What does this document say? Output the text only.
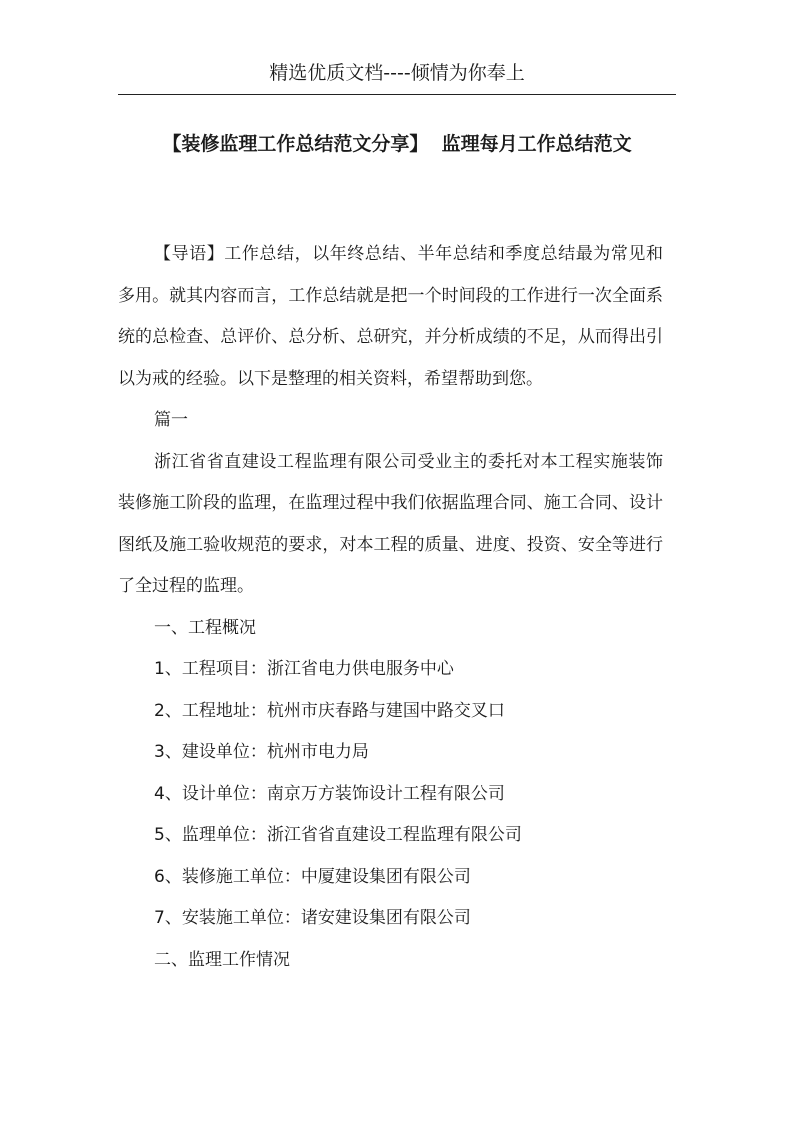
精选优质文档----倾情为你奉上
【装修监理工作总结范文分享】  监理每月工作总结范文

【导语】工作总结，以年终总结、半年总结和季度总结最为常见和多用。就其内容而言，工作总结就是把一个时间段的工作进行一次全面系统的总检查、总评价、总分析、总研究，并分析成绩的不足，从而得出引以为戒的经验。以下是整理的相关资料，希望帮助到您。

篇一

浙江省省直建设工程监理有限公司受业主的委托对本工程实施装饰装修施工阶段的监理，在监理过程中我们依据监理合同、施工合同、设计图纸及施工验收规范的要求，对本工程的质量、进度、投资、安全等进行了全过程的监理。

一、工程概况

1、工程项目：浙江省电力供电服务中心

2、工程地址：杭州市庆春路与建国中路交叉口

3、建设单位：杭州市电力局

4、设计单位：南京万方装饰设计工程有限公司

5、监理单位：浙江省省直建设工程监理有限公司

6、装修施工单位：中厦建设集团有限公司

7、安装施工单位：诸安建设集团有限公司

二、监理工作情况
